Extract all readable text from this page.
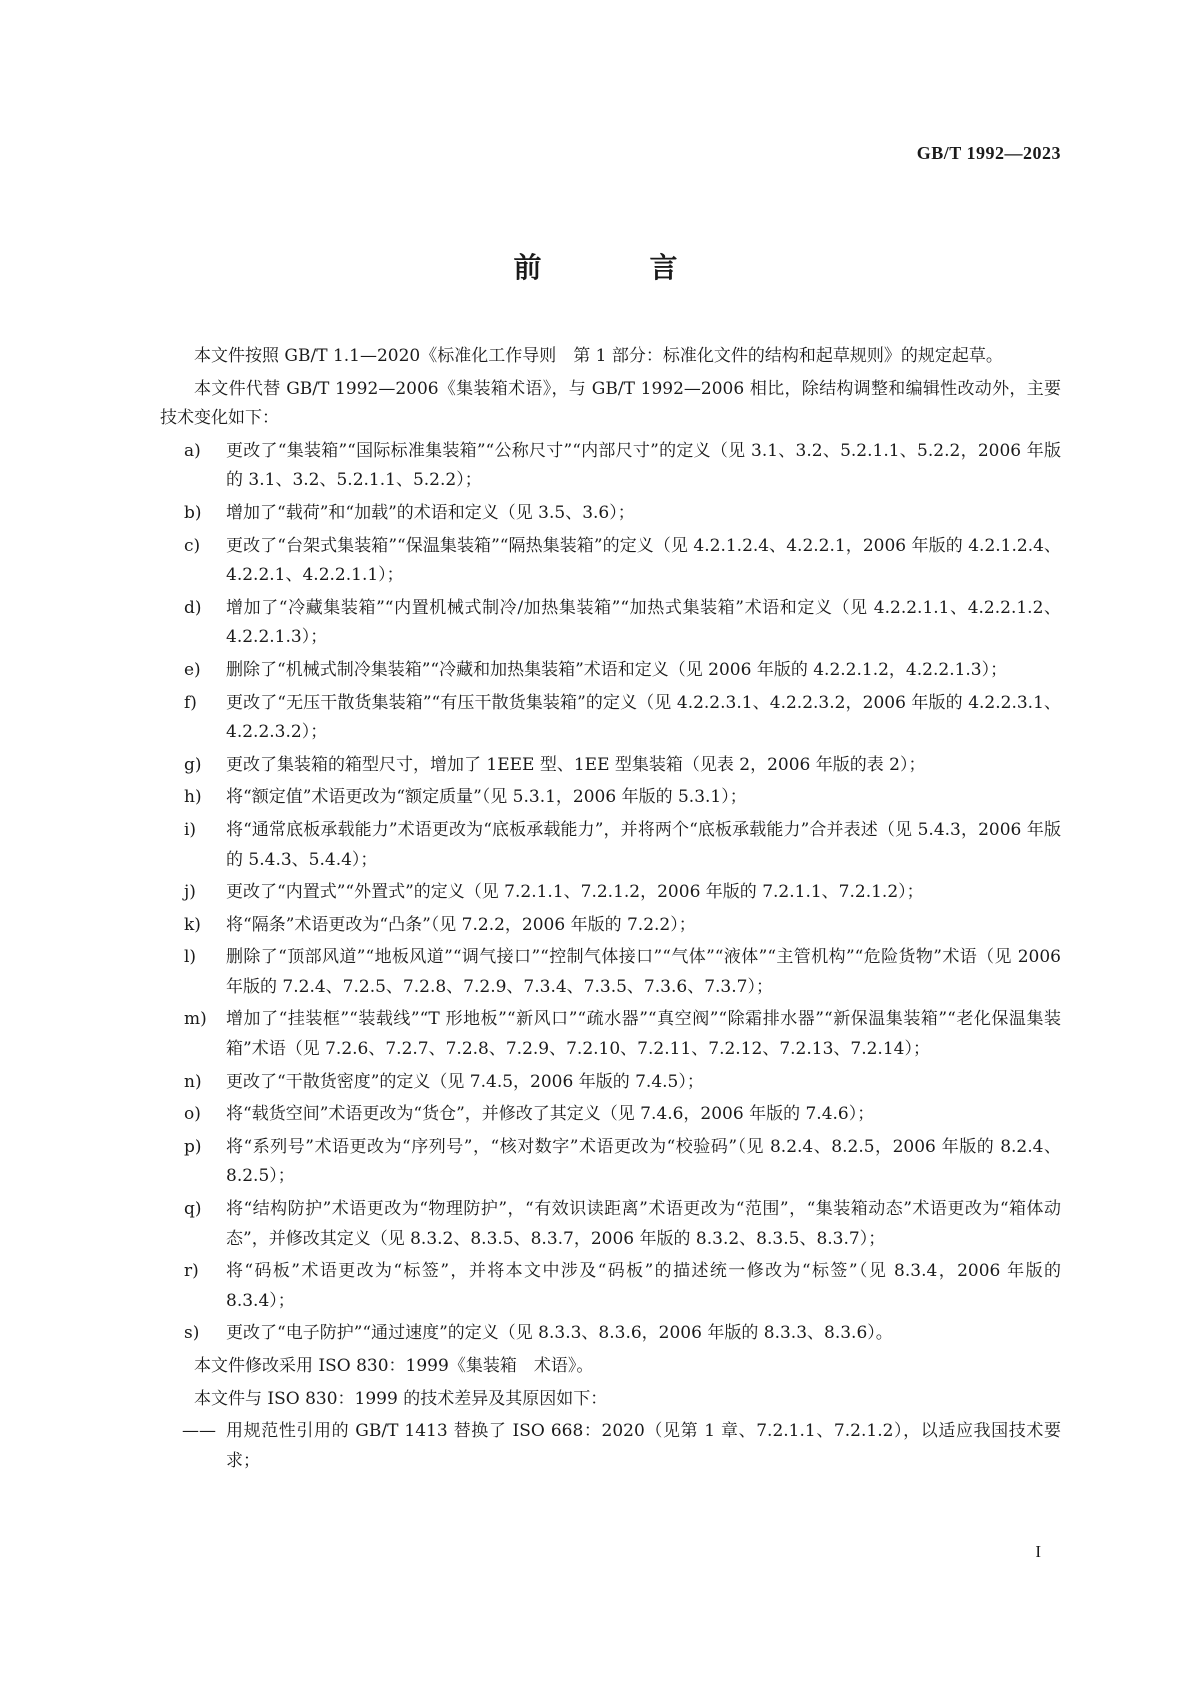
GB/T 1992—2023
前　言

本文件按照 GB/T 1.1—2020《标准化工作导则　第 1 部分：标准化文件的结构和起草规则》的规定起草。

本文件代替 GB/T 1992—2006《集装箱术语》，与 GB/T 1992—2006 相比，除结构调整和编辑性改动外，主要技术变化如下：

a) 更改了“集装箱”“国际标准集装箱”“公称尺寸”“内部尺寸”的定义（见 3.1、3.2、5.2.1.1、5.2.2，2006 年版的 3.1、3.2、5.2.1.1、5.2.2）；
b) 增加了“载荷”和“加载”的术语和定义（见 3.5、3.6）；
c) 更改了“台架式集装箱”“保温集装箱”“隔热集装箱”的定义（见 4.2.1.2.4、4.2.2.1，2006 年版的 4.2.1.2.4、4.2.2.1、4.2.2.1.1）；
d) 增加了“冷藏集装箱”“内置机械式制冷/加热集装箱”“加热式集装箱”术语和定义（见 4.2.2.1.1、4.2.2.1.2、4.2.2.1.3）；
e) 删除了“机械式制冷集装箱”“冷藏和加热集装箱”术语和定义（见 2006 年版的 4.2.2.1.2，4.2.2.1.3）；
f) 更改了“无压干散货集装箱”“有压干散货集装箱”的定义（见 4.2.2.3.1、4.2.2.3.2，2006 年版的 4.2.2.3.1、4.2.2.3.2）；
g) 更改了集装箱的箱型尺寸，增加了 1EEE 型、1EE 型集装箱（见表 2，2006 年版的表 2）；
h) 将“额定值”术语更改为“额定质量”（见 5.3.1，2006 年版的 5.3.1）；
i) 将“通常底板承载能力”术语更改为“底板承载能力”，并将两个“底板承载能力”合并表述（见 5.4.3，2006 年版的 5.4.3、5.4.4）；
j) 更改了“内置式”“外置式”的定义（见 7.2.1.1、7.2.1.2，2006 年版的 7.2.1.1、7.2.1.2）；
k) 将“隔条”术语更改为“凸条”（见 7.2.2，2006 年版的 7.2.2）；
l) 删除了“顶部风道”“地板风道”“调气接口”“控制气体接口”“气体”“液体”“主管机构”“危险货物”术语（见 2006 年版的 7.2.4、7.2.5、7.2.8、7.2.9、7.3.4、7.3.5、7.3.6、7.3.7）；
m) 增加了“挂装框”“装载线”“T 形地板”“新风口”“疏水器”“真空阀”“除霜排水器”“新保温集装箱”“老化保温集装箱”术语（见 7.2.6、7.2.7、7.2.8、7.2.9、7.2.10、7.2.11、7.2.12、7.2.13、7.2.14）；
n) 更改了“干散货密度”的定义（见 7.4.5，2006 年版的 7.4.5）；
o) 将“载货空间”术语更改为“货仓”，并修改了其定义（见 7.4.6，2006 年版的 7.4.6）；
p) 将“系列号”术语更改为“序列号”，“核对数字”术语更改为“校验码”（见 8.2.4、8.2.5，2006 年版的 8.2.4、8.2.5）；
q) 将“结构防护”术语更改为“物理防护”，“有效识读距离”术语更改为“范围”，“集装箱动态”术语更改为“箱体动态”，并修改其定义（见 8.3.2、8.3.5、8.3.7，2006 年版的 8.3.2、8.3.5、8.3.7）；
r) 将“码板”术语更改为“标签”，并将本文中涉及“码板”的描述统一修改为“标签”（见 8.3.4，2006 年版的 8.3.4）；
s) 更改了“电子防护”“通过速度”的定义（见 8.3.3、8.3.6，2006 年版的 8.3.3、8.3.6）。

本文件修改采用 ISO 830：1999《集装箱　术语》。

本文件与 ISO 830：1999 的技术差异及其原因如下：

—— 用规范性引用的 GB/T 1413 替换了 ISO 668：2020（见第 1 章、7.2.1.1、7.2.1.2），以适应我国技术要求；
I
